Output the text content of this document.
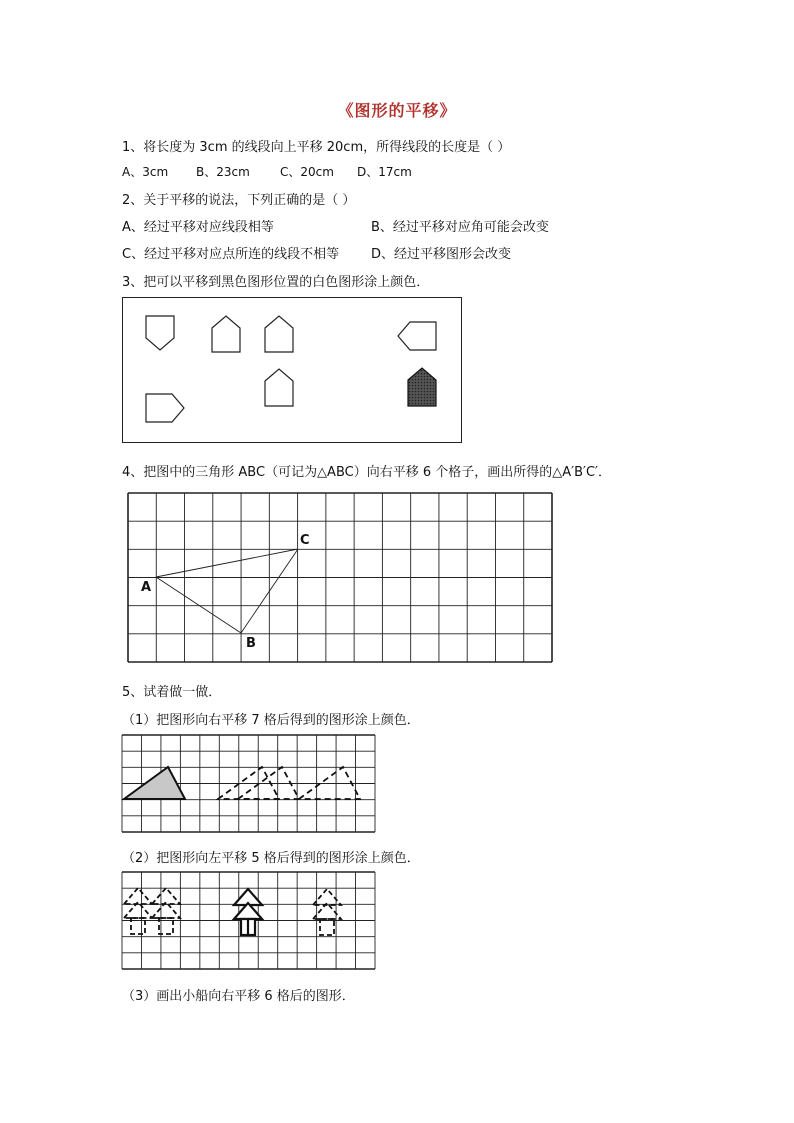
《图形的平移》
1、将长度为 3cm 的线段向上平移 20cm，所得线段的长度是（ ）
A、3cm B、23cm	C、20cm D、17cm
2、关于平移的说法，下列正确的是（ ）
A、经过平移对应线段相等	B、经过平移对应角可能会改变
C、经过平移对应点所连的线段不相等 D、经过平移图形会改变
3、把可以平移到黑色图形位置的白色图形涂上颜色．
4、把图中的三角形 ABC（可记为△ABC）向右平移 6 个格子，画出所得的△A′B′C′．
A
B
C
5、试着做一做．
（1）把图形向右平移 7 格后得到的图形涂上颜色．
（2）把图形向左平移 5 格后得到的图形涂上颜色．
（3）画出小船向右平移 6 格后的图形．
